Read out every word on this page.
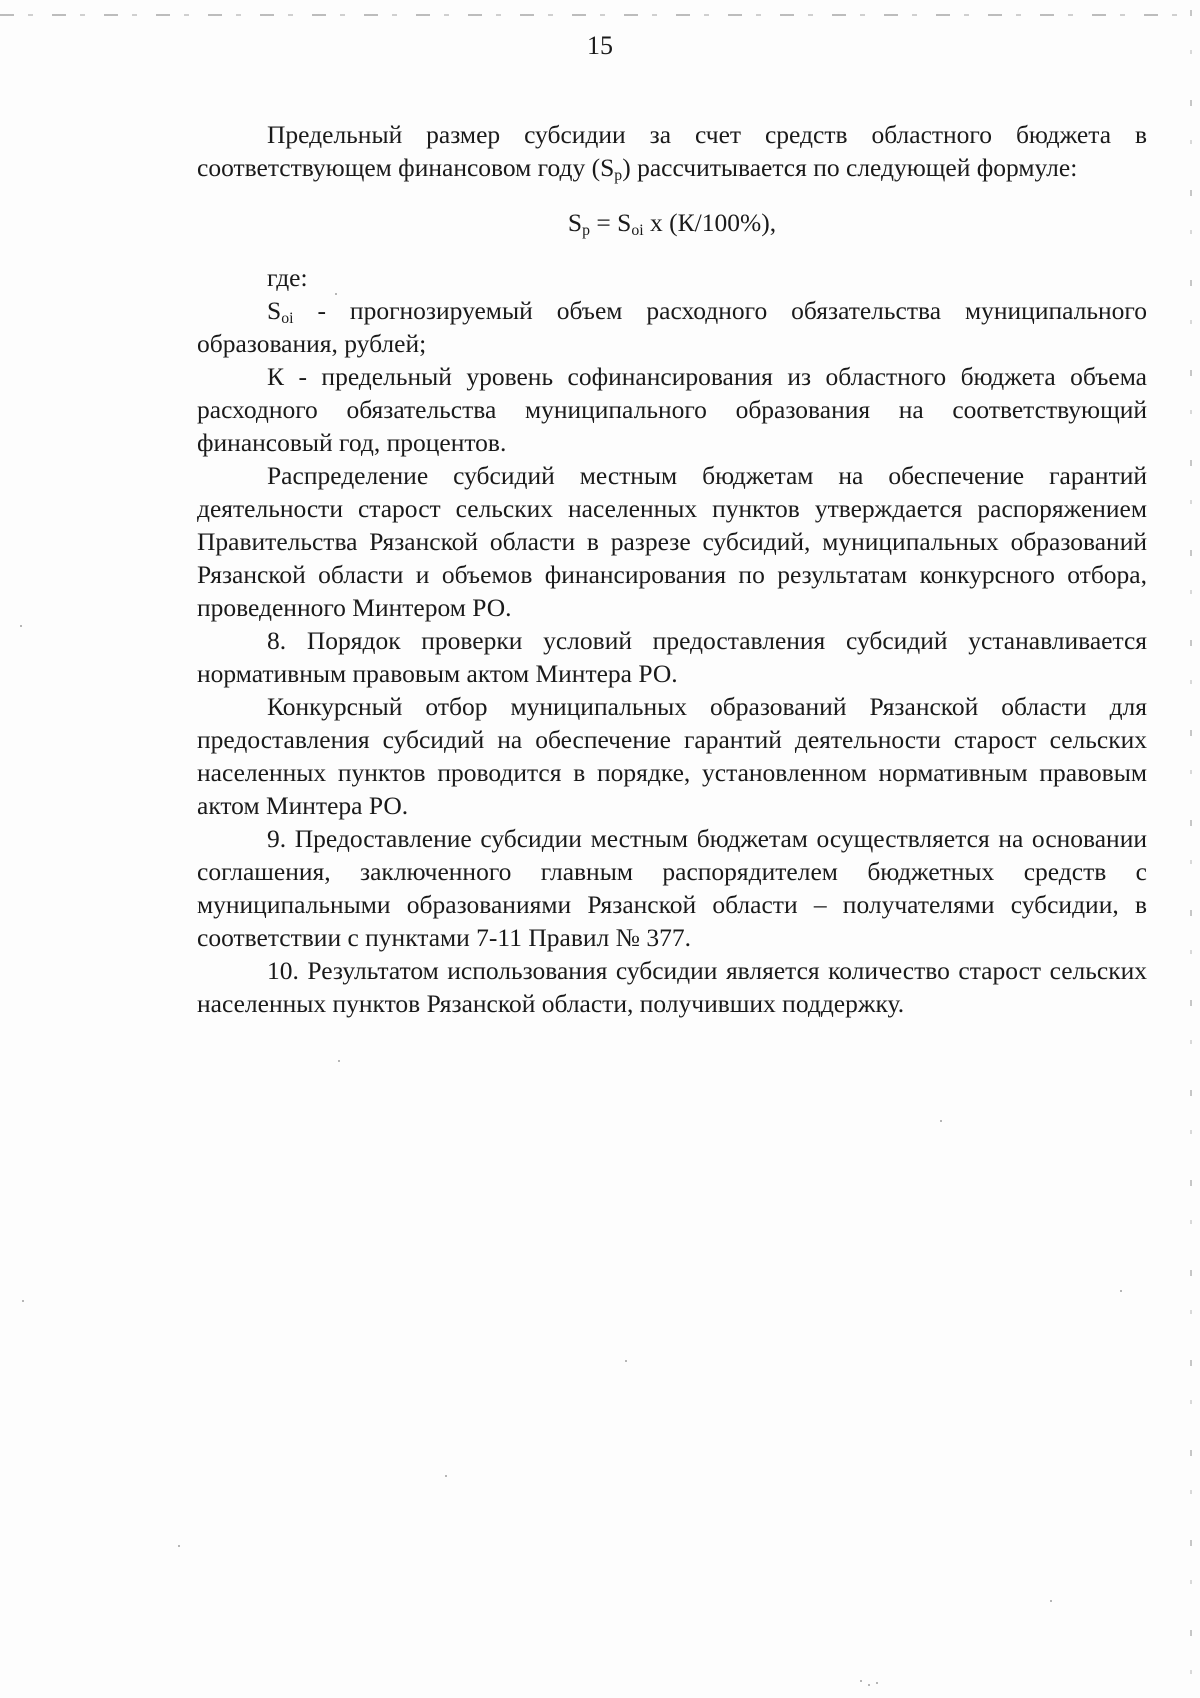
15

Предельный размер субсидии за счет средств областного бюджета в соответствующем финансовом году $(S_р)$ рассчитывается по следующей формуле:

$S_р = S_{oi}$ х (К/100%),

где:

$S_{oi}$ - прогнозируемый объем расходного обязательства муниципального образования, рублей;

К - предельный уровень софинансирования из областного бюджета объема расходного обязательства муниципального образования на соответствующий финансовый год, процентов.

Распределение субсидий местным бюджетам на обеспечение гарантий деятельности старост сельских населенных пунктов утверждается распоряжением Правительства Рязанской области в разрезе субсидий, муниципальных образований Рязанской области и объемов финансирования по результатам конкурсного отбора, проведенного Минтером РО.

8. Порядок проверки условий предоставления субсидий устанавливается нормативным правовым актом Минтера РО.

Конкурсный отбор муниципальных образований Рязанской области для предоставления субсидий на обеспечение гарантий деятельности старост сельских населенных пунктов проводится в порядке, установленном нормативным правовым актом Минтера РО.

9. Предоставление субсидии местным бюджетам осуществляется на основании соглашения, заключенного главным распорядителем бюджетных средств с муниципальными образованиями Рязанской области – получателями субсидии, в соответствии с пунктами 7-11 Правил № 377.

10. Результатом использования субсидии является количество старост сельских населенных пунктов Рязанской области, получивших поддержку.
